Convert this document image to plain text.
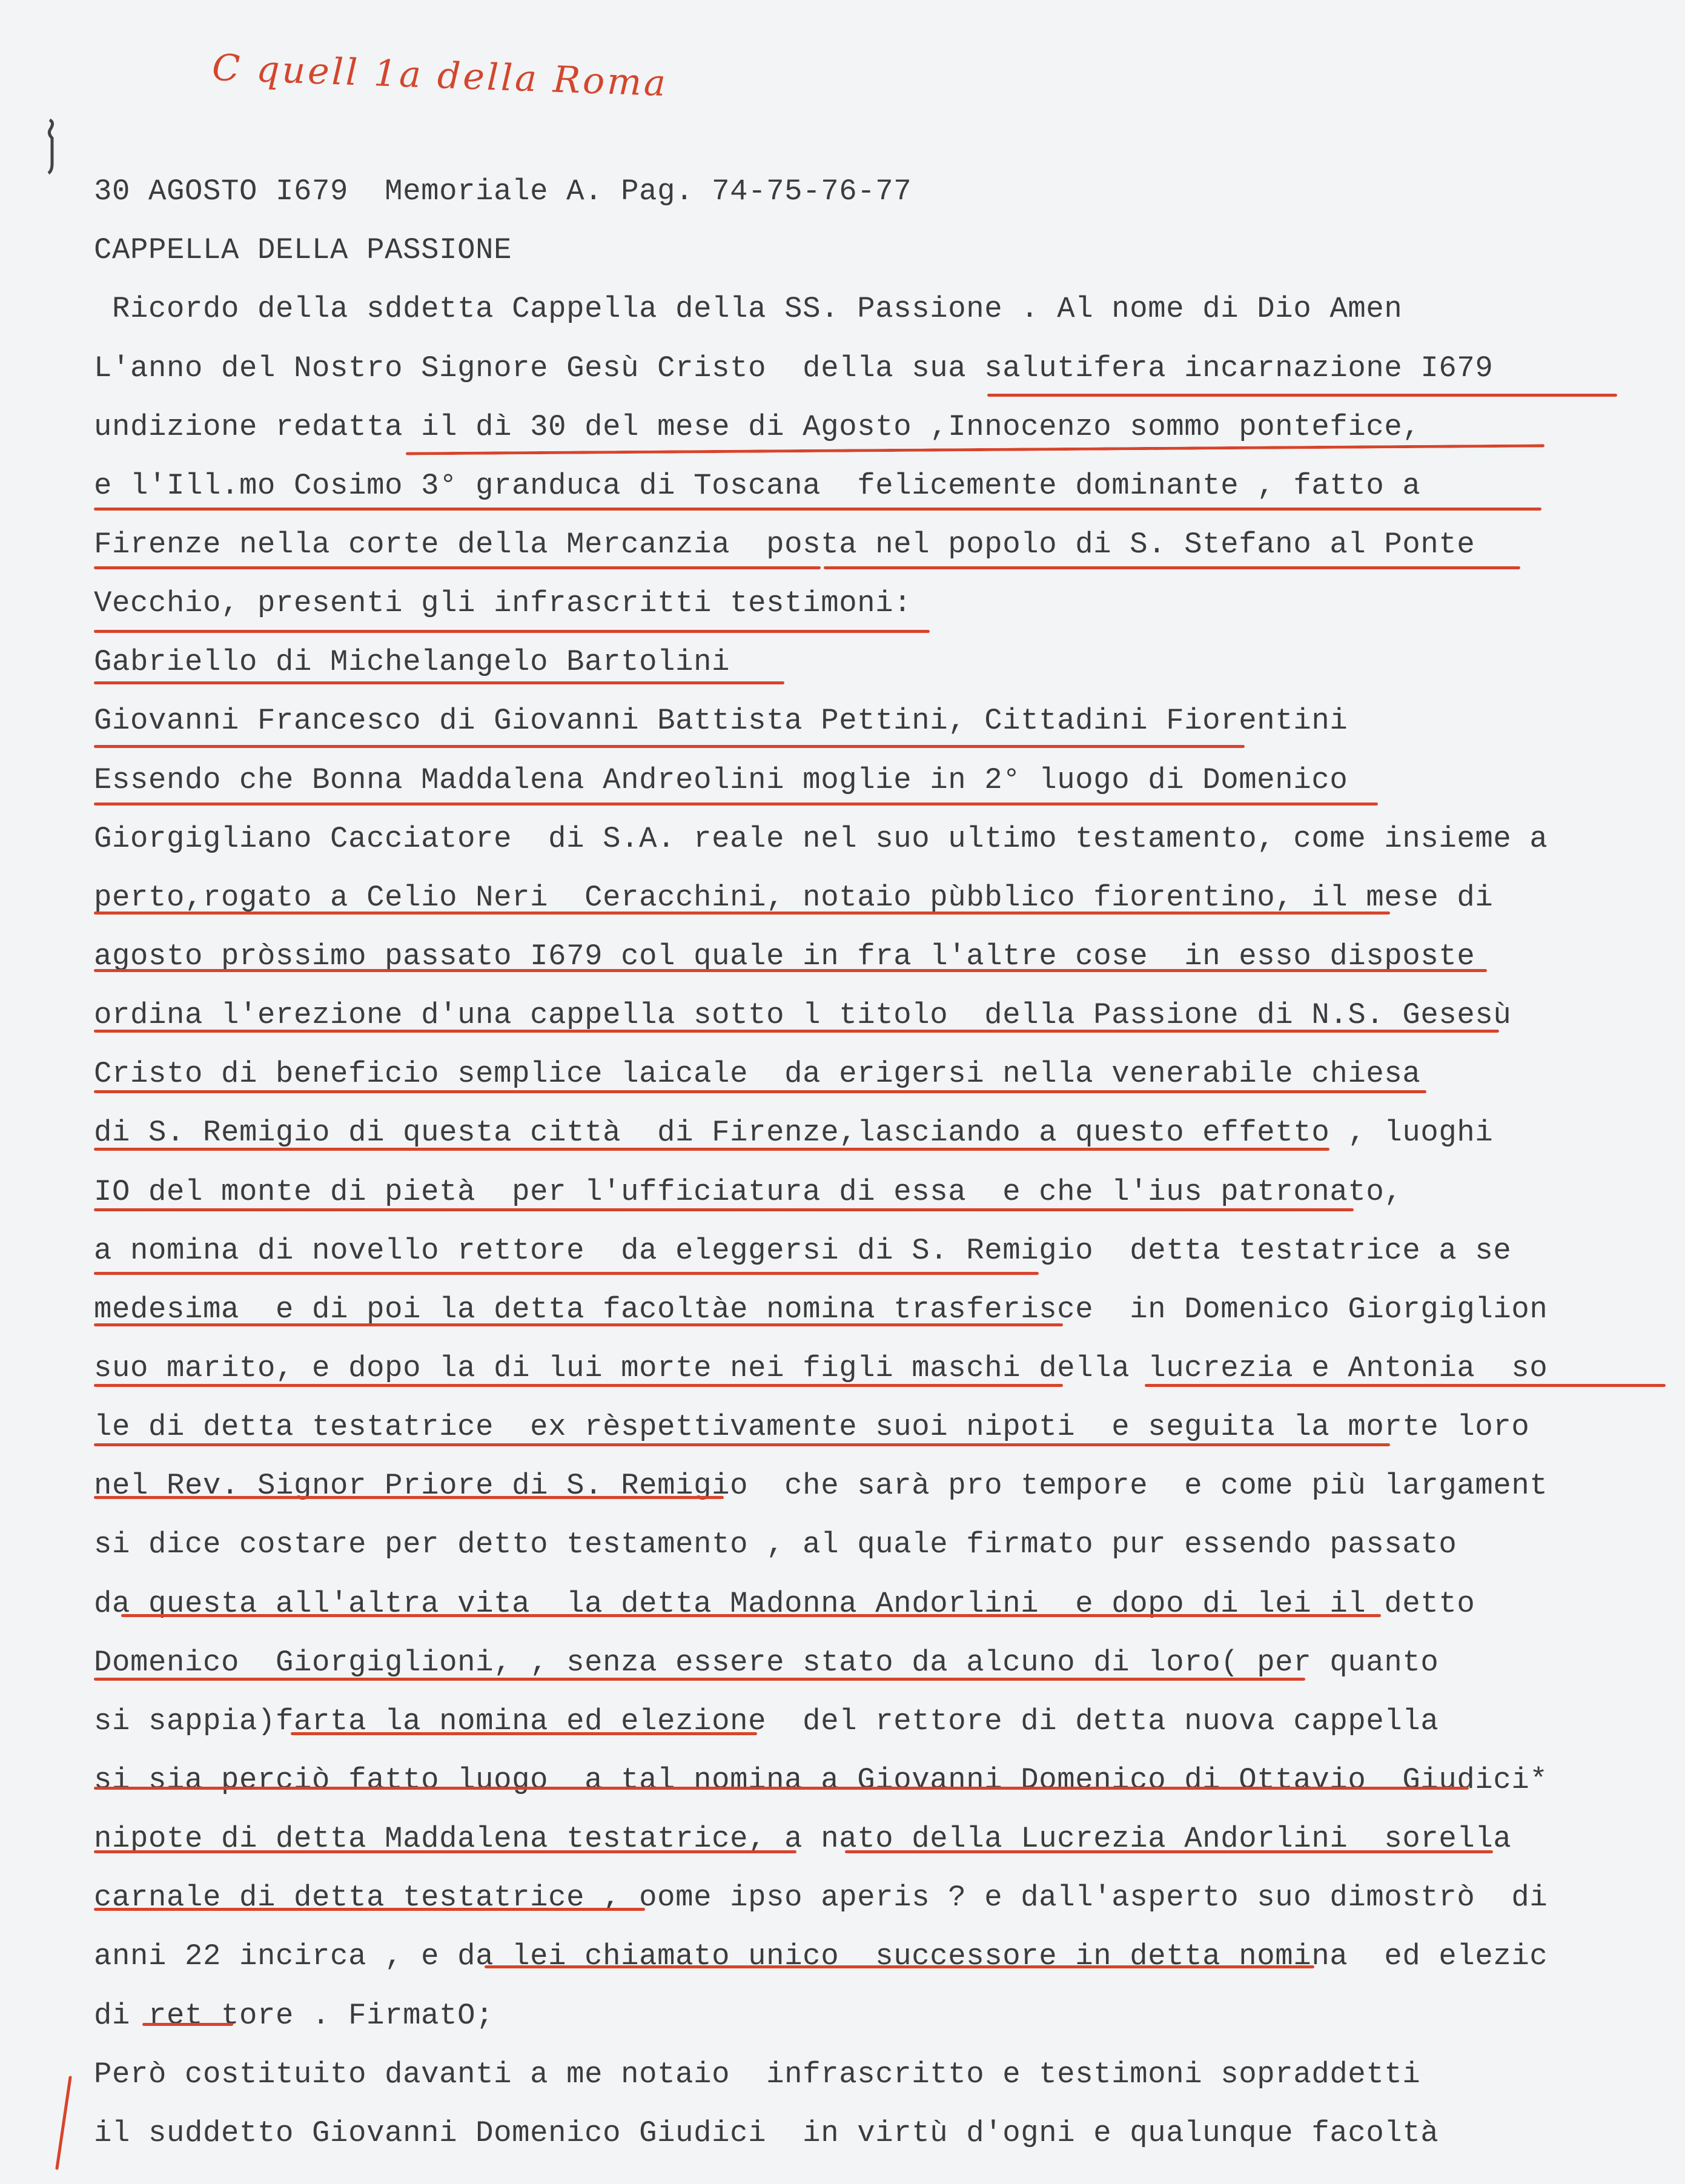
C quell 1a della Roma
30 AGOSTO I679  Memoriale A. Pag. 74-75-76-77
CAPPELLA DELLA PASSIONE
Ricordo della sddetta Cappella della SS. Passione . Al nome di Dio Amen
L'anno del Nostro Signore Gesù Cristo  della sua salutifera incarnazione I679
undizione redatta il dì 30 del mese di Agosto ,Innocenzo sommo pontefice,
e l'Ill.mo Cosimo 3° granduca di Toscana  felicemente dominante , fatto a
Firenze nella corte della Mercanzia  posta nel popolo di S. Stefano al Ponte
Vecchio, presenti gli infrascritti testimoni:
Gabriello di Michelangelo Bartolini
Giovanni Francesco di Giovanni Battista Pettini, Cittadini Fiorentini
Essendo che Bonna Maddalena Andreolini moglie in 2° luogo di Domenico
Giorgigliano Cacciatore  di S.A. reale nel suo ultimo testamento, come insieme a
perto,rogato a Celio Neri  Ceracchini, notaio pùbblico fiorentino, il mese di
agosto pròssimo passato I679 col quale in fra l'altre cose  in esso disposte
ordina l'erezione d'una cappella sotto l titolo  della Passione di N.S. Gesesù
Cristo di beneficio semplice laicale  da erigersi nella venerabile chiesa
di S. Remigio di questa città  di Firenze,lasciando a questo effetto , luoghi
IO del monte di pietà  per l'ufficiatura di essa  e che l'ius patronato,
a nomina di novello rettore  da eleggersi di S. Remigio  detta testatrice a se
medesima  e di poi la detta facoltàe nomina trasferisce  in Domenico Giorgiglion
suo marito, e dopo la di lui morte nei figli maschi della lucrezia e Antonia  so
le di detta testatrice  ex rèspettivamente suoi nipoti  e seguita la morte loro
nel Rev. Signor Priore di S. Remigio  che sarà pro tempore  e come più largament
si dice costare per detto testamento , al quale firmato pur essendo passato
da questa all'altra vita  la detta Madonna Andorlini  e dopo di lei il detto
Domenico  Giorgiglioni, , senza essere stato da alcuno di loro( per quanto
si sappia)farta la nomina ed elezione  del rettore di detta nuova cappella
si sia perciò fatto luogo  a tal nomina a Giovanni Domenico di Ottavio  Giudici*
nipote di detta Maddalena testatrice, a nato della Lucrezia Andorlini  sorella
carnale di detta testatrice , oome ipso aperis ? e dall'asperto suo dimostrò  di
anni 22 incirca , e da lei chiamato unico  successore in detta nomina  ed elezic
di ret tore . FirmatO;
Però costituito davanti a me notaio  infrascritto e testimoni sopraddetti
il suddetto Giovanni Domenico Giudici  in virtù d'ogni e qualunque facoltà
